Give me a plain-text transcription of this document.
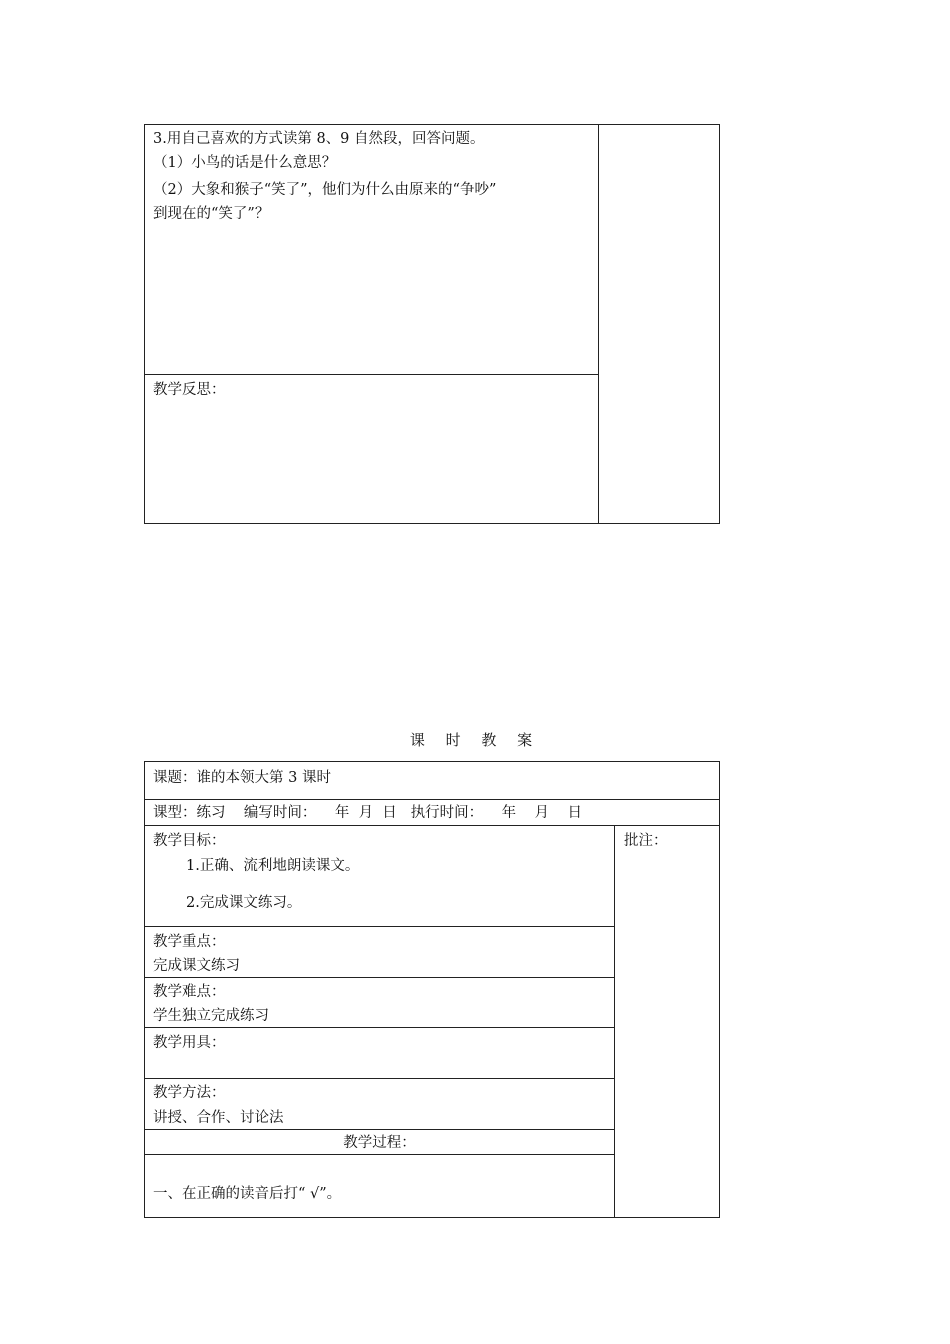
3.用自己喜欢的方式读第 8、9 自然段，回答问题。
（1）小鸟的话是什么意思？
（2）大象和猴子“笑了”，他们为什么由原来的“争吵”
到现在的“笑了”？
教学反思：
课 时 教 案
课题：谁的本领大第 3 课时
课型：练习    编写时间：    年  月  日   执行时间：    年    月    日
教学目标：
1.正确、流利地朗读课文。
2.完成课文练习。
批注：
教学重点：
完成课文练习
教学难点：
学生独立完成练习
教学用具：
教学方法：
讲授、合作、讨论法
教学过程：
一、在正确的读音后打“ √”。
